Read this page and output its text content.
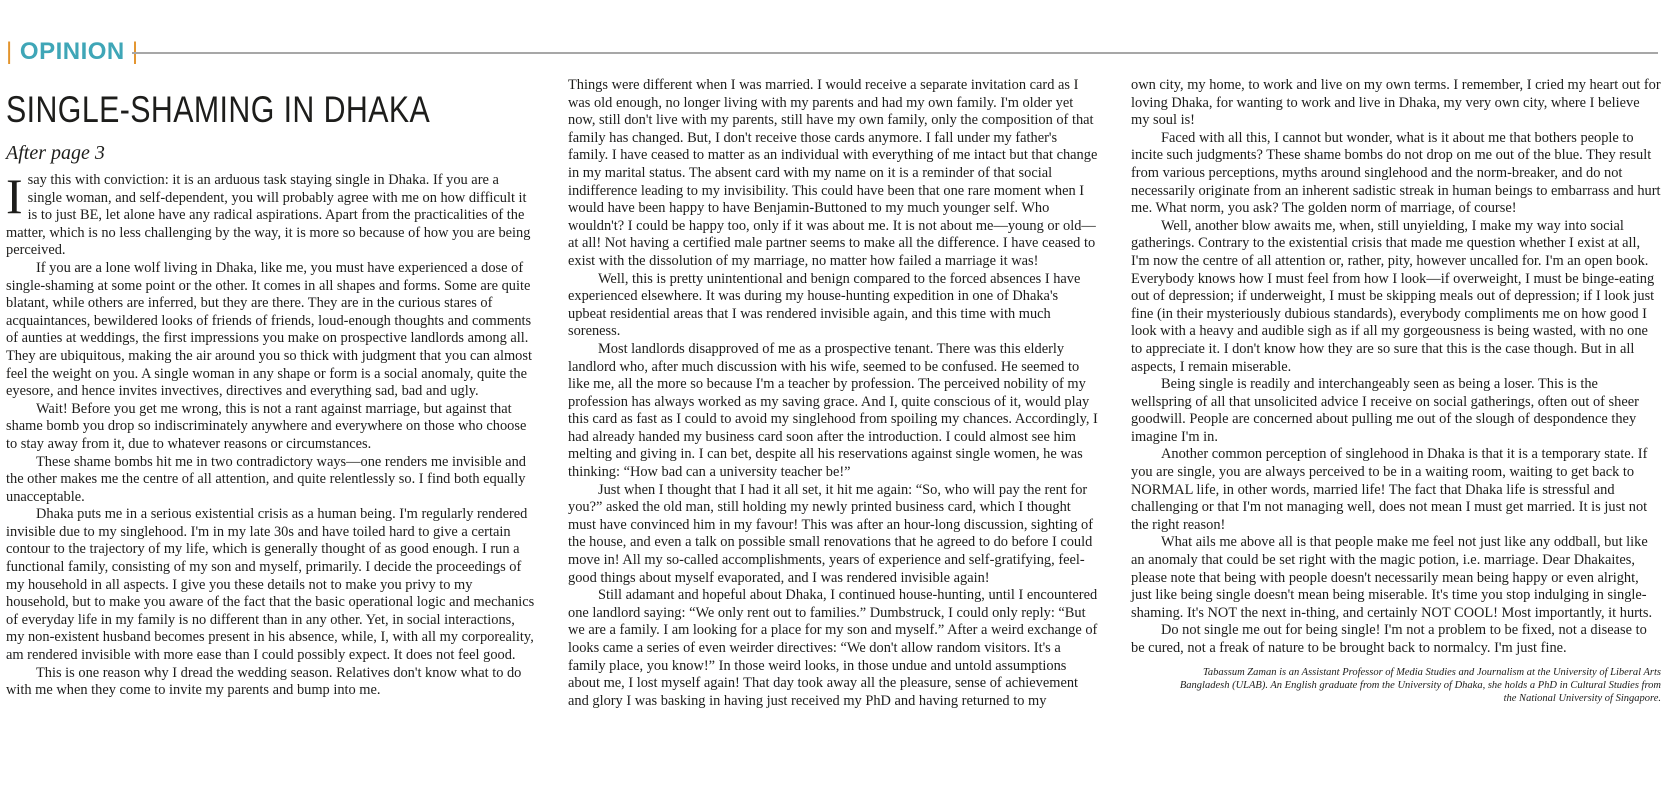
| OPINION
SINGLE-SHAMING IN DHAKA
After page 3

I say this with conviction: it is an arduous task staying single in Dhaka. If you are a single woman, and self-dependent, you will probably agree with me on how difficult it is to just BE, let alone have any radical aspirations. Apart from the practicalities of the matter, which is no less challenging by the way, it is more so because of how you are being perceived.

If you are a lone wolf living in Dhaka, like me, you must have experienced a dose of single-shaming at some point or the other. It comes in all shapes and forms. Some are quite blatant, while others are inferred, but they are there. They are in the curious stares of acquaintances, bewildered looks of friends of friends, loud-enough thoughts and comments of aunties at weddings, the first impressions you make on prospective landlords among all. They are ubiquitous, making the air around you so thick with judgment that you can almost feel the weight on you. A single woman in any shape or form is a social anomaly, quite the eyesore, and hence invites invectives, directives and everything sad, bad and ugly.

Wait! Before you get me wrong, this is not a rant against marriage, but against that shame bomb you drop so indiscriminately anywhere and everywhere on those who choose to stay away from it, due to whatever reasons or circumstances.

These shame bombs hit me in two contradictory ways—one renders me invisible and the other makes me the centre of all attention, and quite relentlessly so. I find both equally unacceptable.

Dhaka puts me in a serious existential crisis as a human being. I'm regularly rendered invisible due to my singlehood. I'm in my late 30s and have toiled hard to give a certain contour to the trajectory of my life, which is generally thought of as good enough. I run a functional family, consisting of my son and myself, primarily. I decide the proceedings of my household in all aspects. I give you these details not to make you privy to my household, but to make you aware of the fact that the basic operational logic and mechanics of everyday life in my family is no different than in any other. Yet, in social interactions, my non-existent husband becomes present in his absence, while, I, with all my corporeality, am rendered invisible with more ease than I could possibly expect. It does not feel good.

This is one reason why I dread the wedding season. Relatives don't know what to do with me when they come to invite my parents and bump into me.

Things were different when I was married. I would receive a separate invitation card as I was old enough, no longer living with my parents and had my own family. I'm older yet now, still don't live with my parents, still have my own family, only the composition of that family has changed. But, I don't receive those cards anymore. I fall under my father's family. I have ceased to matter as an individual with everything of me intact but that change in my marital status. The absent card with my name on it is a reminder of that social indifference leading to my invisibility. This could have been that one rare moment when I would have been happy to have Benjamin-Buttoned to my much younger self. Who wouldn't? I could be happy too, only if it was about me. It is not about me—young or old—at all! Not having a certified male partner seems to make all the difference. I have ceased to exist with the dissolution of my marriage, no matter how failed a marriage it was!

Well, this is pretty unintentional and benign compared to the forced absences I have experienced elsewhere. It was during my house-hunting expedition in one of Dhaka's upbeat residential areas that I was rendered invisible again, and this time with much soreness.

Most landlords disapproved of me as a prospective tenant. There was this elderly landlord who, after much discussion with his wife, seemed to be confused. He seemed to like me, all the more so because I'm a teacher by profession. The perceived nobility of my profession has always worked as my saving grace. And I, quite conscious of it, would play this card as fast as I could to avoid my singlehood from spoiling my chances. Accordingly, I had already handed my business card soon after the introduction. I could almost see him melting and giving in. I can bet, despite all his reservations against single women, he was thinking: “How bad can a university teacher be!”

Just when I thought that I had it all set, it hit me again: “So, who will pay the rent for you?” asked the old man, still holding my newly printed business card, which I thought must have convinced him in my favour! This was after an hour-long discussion, sighting of the house, and even a talk on possible small renovations that he agreed to do before I could move in! All my so-called accomplishments, years of experience and self-gratifying, feel-good things about myself evaporated, and I was rendered invisible again!

Still adamant and hopeful about Dhaka, I continued house-hunting, until I encountered one landlord saying: “We only rent out to families.” Dumbstruck, I could only reply: “But we are a family. I am looking for a place for my son and myself.” After a weird exchange of looks came a series of even weirder directives: “We don't allow random visitors. It's a family place, you know!” In those weird looks, in those undue and untold assumptions about me, I lost myself again! That day took away all the pleasure, sense of achievement and glory I was basking in having just received my PhD and having returned to my

own city, my home, to work and live on my own terms. I remember, I cried my heart out for loving Dhaka, for wanting to work and live in Dhaka, my very own city, where I believe my soul is!

Faced with all this, I cannot but wonder, what is it about me that bothers people to incite such judgments? These shame bombs do not drop on me out of the blue. They result from various perceptions, myths around singlehood and the norm-breaker, and do not necessarily originate from an inherent sadistic streak in human beings to embarrass and hurt me. What norm, you ask? The golden norm of marriage, of course!

Well, another blow awaits me, when, still unyielding, I make my way into social gatherings. Contrary to the existential crisis that made me question whether I exist at all, I'm now the centre of all attention or, rather, pity, however uncalled for. I'm an open book. Everybody knows how I must feel from how I look—if overweight, I must be binge-eating out of depression; if underweight, I must be skipping meals out of depression; if I look just fine (in their mysteriously dubious standards), everybody compliments me on how good I look with a heavy and audible sigh as if all my gorgeousness is being wasted, with no one to appreciate it. I don't know how they are so sure that this is the case though. But in all aspects, I remain miserable.

Being single is readily and interchangeably seen as being a loser. This is the wellspring of all that unsolicited advice I receive on social gatherings, often out of sheer goodwill. People are concerned about pulling me out of the slough of despondence they imagine I'm in.

Another common perception of singlehood in Dhaka is that it is a temporary state. If you are single, you are always perceived to be in a waiting room, waiting to get back to NORMAL life, in other words, married life! The fact that Dhaka life is stressful and challenging or that I'm not managing well, does not mean I must get married. It is just not the right reason!

What ails me above all is that people make me feel not just like any oddball, but like an anomaly that could be set right with the magic potion, i.e. marriage. Dear Dhakaites, please note that being with people doesn't necessarily mean being happy or even alright, just like being single doesn't mean being miserable. It's time you stop indulging in single-shaming. It's NOT the next in-thing, and certainly NOT COOL! Most importantly, it hurts.

Do not single me out for being single! I'm not a problem to be fixed, not a disease to be cured, not a freak of nature to be brought back to normalcy. I'm just fine.

Tabassum Zaman is an Assistant Professor of Media Studies and Journalism at the University of Liberal Arts Bangladesh (ULAB). An English graduate from the University of Dhaka, she holds a PhD in Cultural Studies from the National University of Singapore.
